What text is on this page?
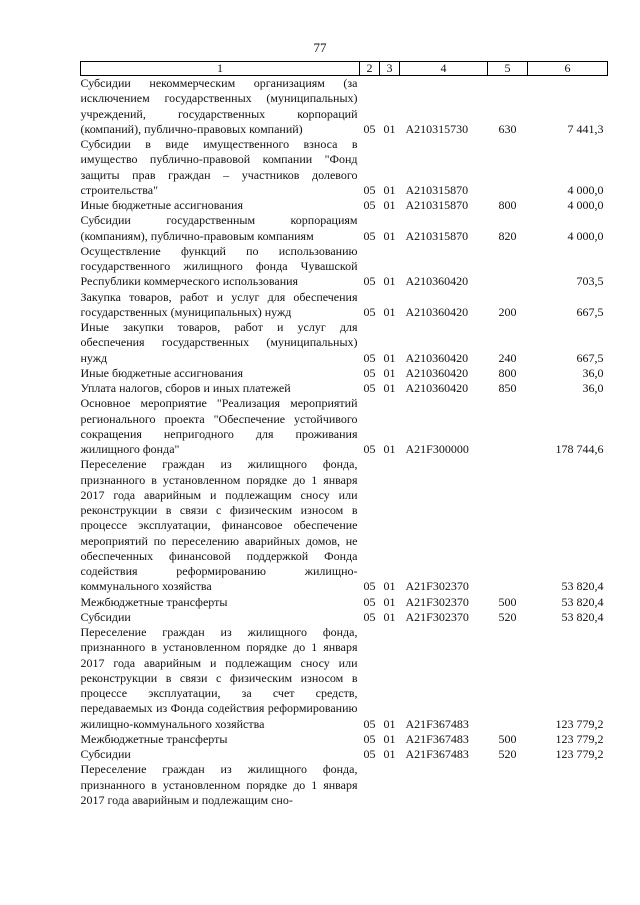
77
1	2	3	4	5	6
Субсидии некоммерческим организациям (за исключением государственных (муниципальных) учреждений, государственных корпораций (компаний), публично-правовых компаний)	05	01	А210315730	630	7 441,3
Субсидии в виде имущественного взноса в имущество публично-правовой компании "Фонд защиты прав граждан – участников долевого строительства"	05	01	А210315870		4 000,0
Иные бюджетные ассигнования	05	01	А210315870	800	4 000,0
Субсидии государственным корпорациям (компаниям), публично-правовым компаниям	05	01	А210315870	820	4 000,0
Осуществление функций по использованию государственного жилищного фонда Чувашской Республики коммерческого использования	05	01	А210360420		703,5
Закупка товаров, работ и услуг для обеспечения государственных (муниципальных) нужд	05	01	А210360420	200	667,5
Иные закупки товаров, работ и услуг для обеспечения государственных (муниципальных) нужд	05	01	А210360420	240	667,5
Иные бюджетные ассигнования	05	01	А210360420	800	36,0
Уплата налогов, сборов и иных платежей	05	01	А210360420	850	36,0
Основное мероприятие "Реализация мероприятий регионального проекта "Обеспечение устойчивого сокращения непригодного для проживания жилищного фонда"	05	01	А21F300000		178 744,6
Переселение граждан из жилищного фонда, признанного в установленном порядке до 1 января 2017 года аварийным и подлежащим сносу или реконструкции в связи с физическим износом в процессе эксплуатации, финансовое обеспечение мероприятий по переселению аварийных домов, не обеспеченных финансовой поддержкой Фонда содействия реформированию жилищно-коммунального хозяйства	05	01	А21F302370		53 820,4
Межбюджетные трансферты	05	01	А21F302370	500	53 820,4
Субсидии	05	01	А21F302370	520	53 820,4
Переселение граждан из жилищного фонда, признанного в установленном порядке до 1 января 2017 года аварийным и подлежащим сносу или реконструкции в связи с физическим износом в процессе эксплуатации, за счет средств, передаваемых из Фонда содействия реформированию жилищно-коммунального хозяйства	05	01	А21F367483		123 779,2
Межбюджетные трансферты	05	01	А21F367483	500	123 779,2
Субсидии	05	01	А21F367483	520	123 779,2
Переселение граждан из жилищного фонда, признанного в установленном порядке до 1 января 2017 года аварийным и подлежащим сно-					
